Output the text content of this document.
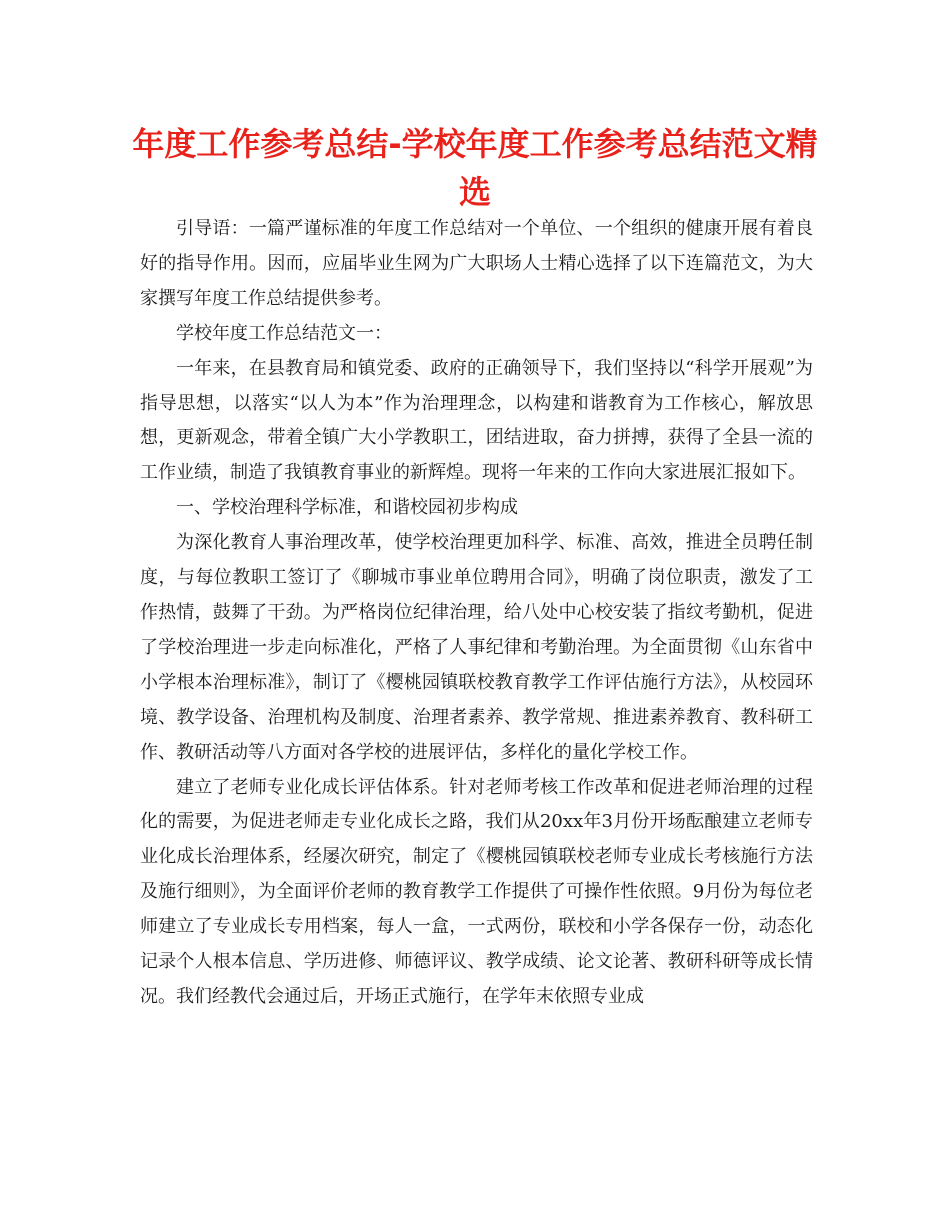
年度工作参考总结-学校年度工作参考总结范文精选

引导语：一篇严谨标准的年度工作总结对一个单位、一个组织的健康开展有着良好的指导作用。因而，应届毕业生网为广大职场人士精心选择了以下连篇范文，为大家撰写年度工作总结提供参考。

学校年度工作总结范文一：

一年来，在县教育局和镇党委、政府的正确领导下，我们坚持以“科学开展观”为指导思想，以落实“以人为本”作为治理理念，以构建和谐教育为工作核心，解放思想，更新观念，带着全镇广大小学教职工，团结进取，奋力拼搏，获得了全县一流的工作业绩，制造了我镇教育事业的新辉煌。现将一年来的工作向大家进展汇报如下。

一、学校治理科学标准，和谐校园初步构成

为深化教育人事治理改革，使学校治理更加科学、标准、高效，推进全员聘任制度，与每位教职工签订了《聊城市事业单位聘用合同》，明确了岗位职责，激发了工作热情，鼓舞了干劲。为严格岗位纪律治理，给八处中心校安装了指纹考勤机，促进了学校治理进一步走向标准化，严格了人事纪律和考勤治理。为全面贯彻《山东省中小学根本治理标准》，制订了《樱桃园镇联校教育教学工作评估施行方法》，从校园环境、教学设备、治理机构及制度、治理者素养、教学常规、推进素养教育、教科研工作、教研活动等八方面对各学校的进展评估，多样化的量化学校工作。

建立了老师专业化成长评估体系。针对老师考核工作改革和促进老师治理的过程化的需要，为促进老师走专业化成长之路，我们从20xx年3月份开场酝酿建立老师专业化成长治理体系，经屡次研究，制定了《樱桃园镇联校老师专业成长考核施行方法及施行细则》，为全面评价老师的教育教学工作提供了可操作性依照。9月份为每位老师建立了专业成长专用档案，每人一盒，一式两份，联校和小学各保存一份，动态化记录个人根本信息、学历进修、师德评议、教学成绩、论文论著、教研科研等成长情况。我们经教代会通过后，开场正式施行，在学年末依照专业成
